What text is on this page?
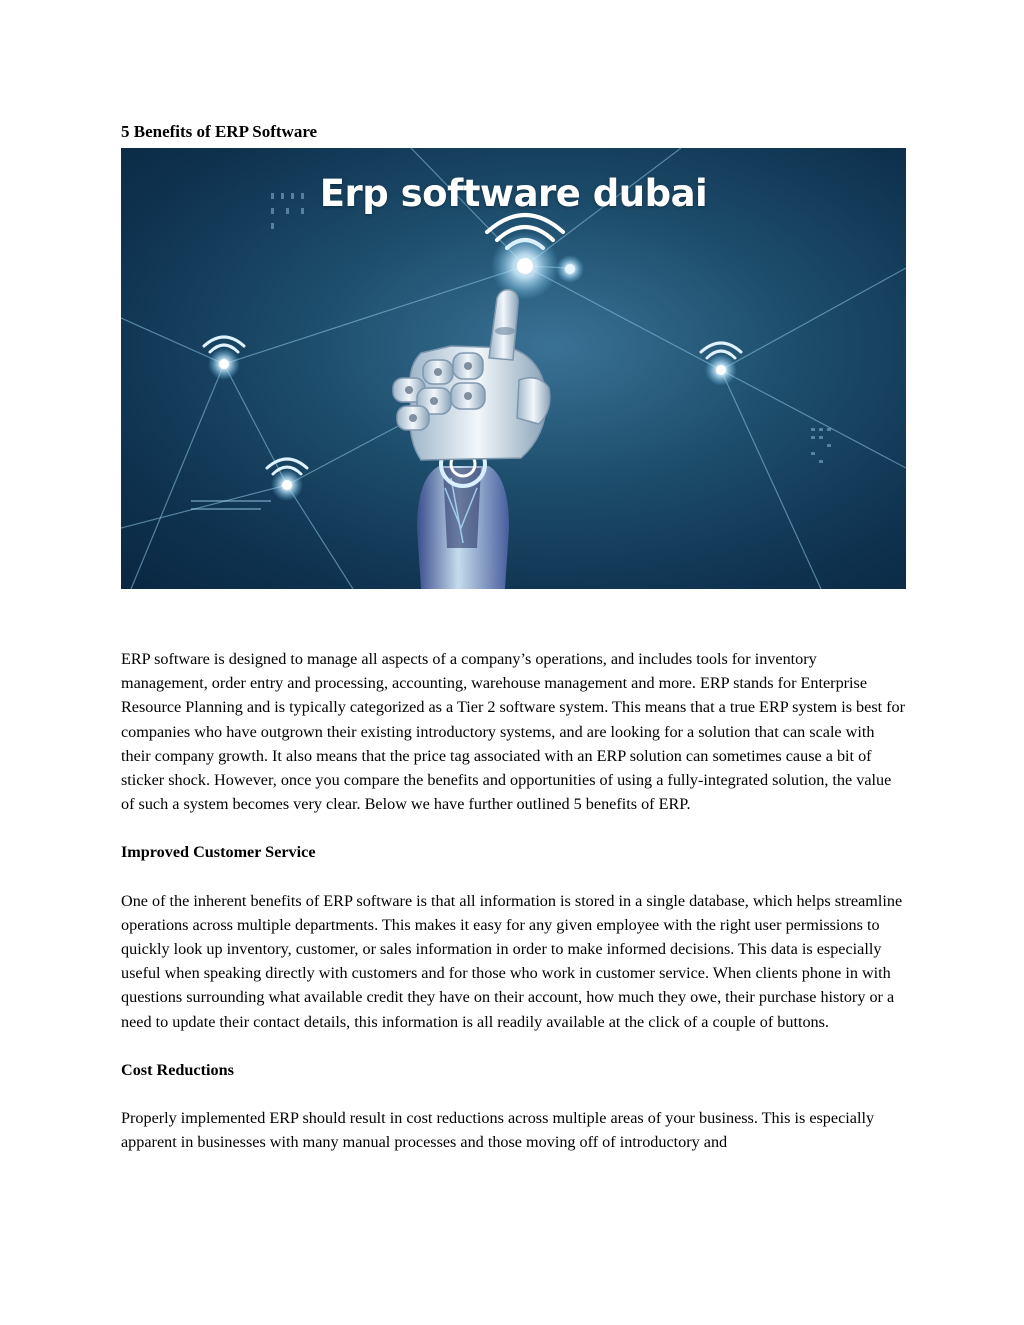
5 Benefits of ERP Software
Erp software dubai

ERP software is designed to manage all aspects of a company’s operations, and includes tools for inventory management, order entry and processing, accounting, warehouse management and more. ERP stands for Enterprise Resource Planning and is typically categorized as a Tier 2 software system. This means that a true ERP system is best for companies who have outgrown their existing introductory systems, and are looking for a solution that can scale with their company growth. It also means that the price tag associated with an ERP solution can sometimes cause a bit of sticker shock. However, once you compare the benefits and opportunities of using a fully-integrated solution, the value of such a system becomes very clear. Below we have further outlined 5 benefits of ERP.

Improved Customer Service

One of the inherent benefits of ERP software is that all information is stored in a single database, which helps streamline operations across multiple departments. This makes it easy for any given employee with the right user permissions to quickly look up inventory, customer, or sales information in order to make informed decisions. This data is especially useful when speaking directly with customers and for those who work in customer service. When clients phone in with questions surrounding what available credit they have on their account, how much they owe, their purchase history or a need to update their contact details, this information is all readily available at the click of a couple of buttons.

Cost Reductions

Properly implemented ERP should result in cost reductions across multiple areas of your business. This is especially apparent in businesses with many manual processes and those moving off of introductory and
